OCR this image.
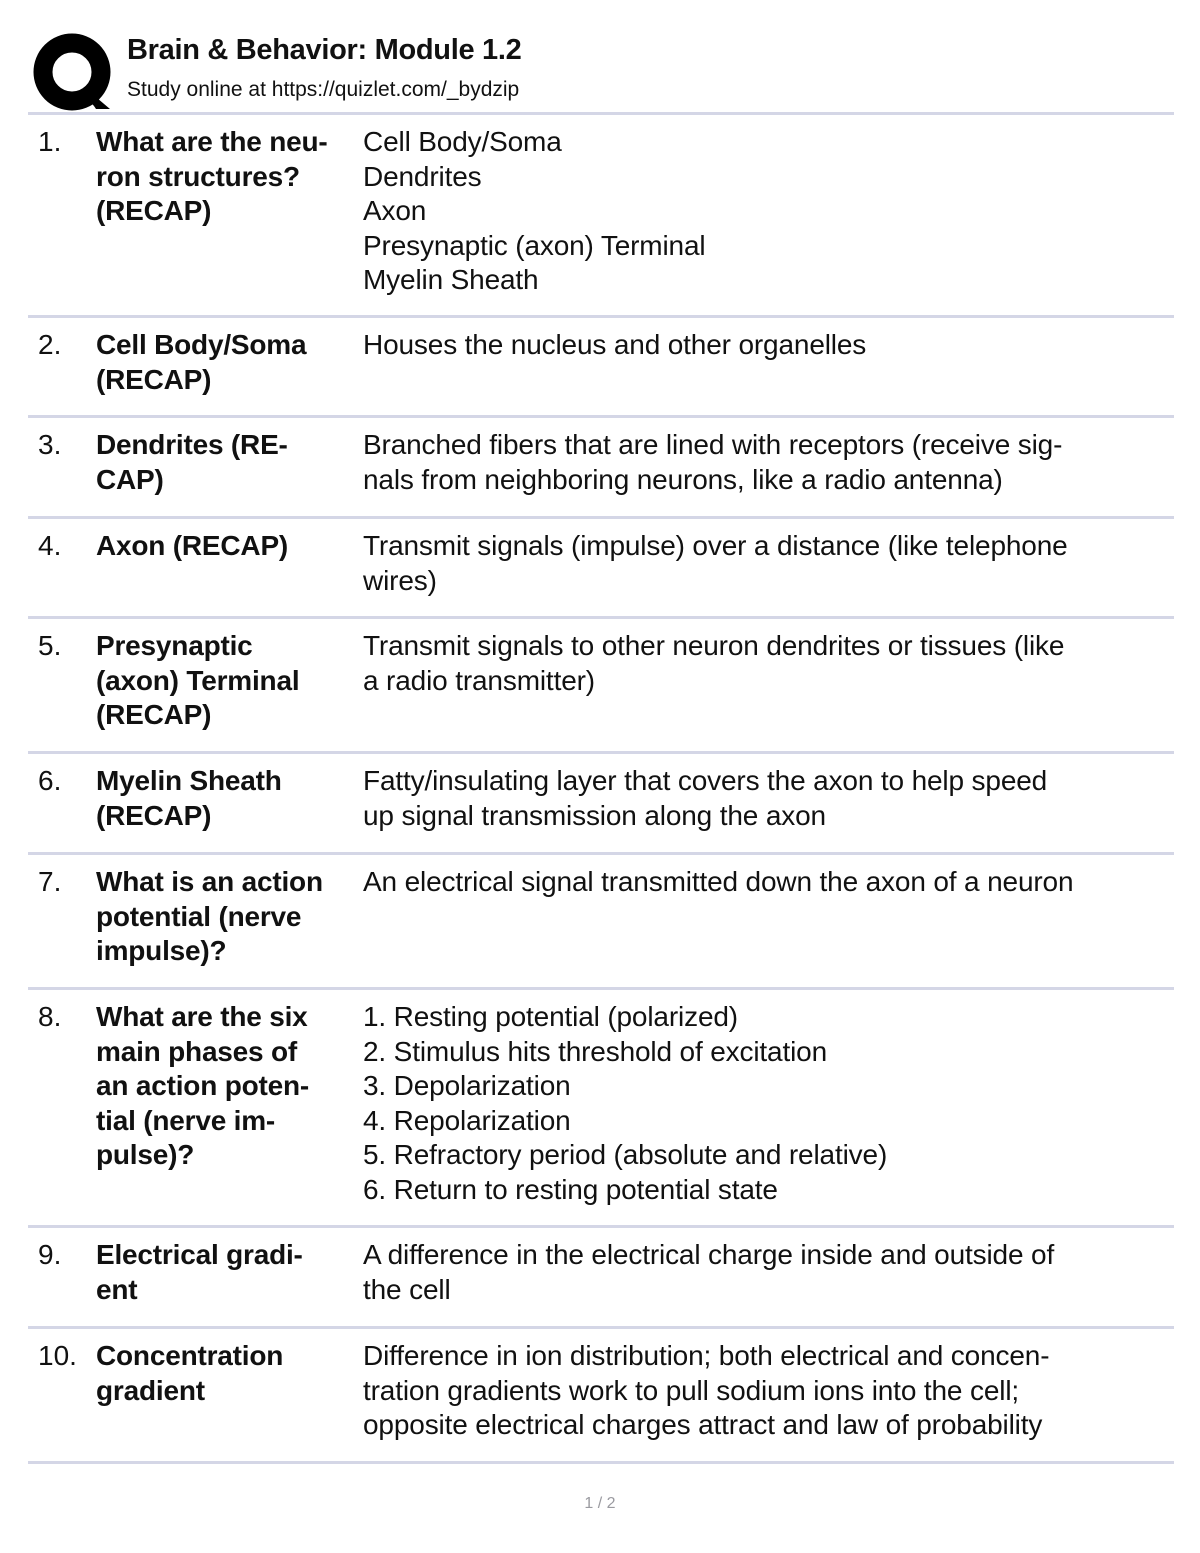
Brain & Behavior: Module 1.2
Study online at https://quizlet.com/_bydzip
1. What are the neu-
ron structures?
(RECAP)
Cell Body/Soma
Dendrites
Axon
Presynaptic (axon) Terminal
Myelin Sheath
2. Cell Body/Soma
(RECAP)
Houses the nucleus and other organelles
3. Dendrites (RE-
CAP)
Branched fibers that are lined with receptors (receive sig-
nals from neighboring neurons, like a radio antenna)
4. Axon (RECAP)	Transmit signals (impulse) over a distance (like telephone
wires)
5. Presynaptic
(axon) Terminal
(RECAP)
Transmit signals to other neuron dendrites or tissues (like
a radio transmitter)
6. Myelin Sheath
(RECAP)
Fatty/insulating layer that covers the axon to help speed
up signal transmission along the axon
7. What is an action
potential (nerve
impulse)?
An electrical signal transmitted down the axon of a neuron
8. What are the six
main phases of
an action poten-
tial (nerve im-
pulse)?
1. Resting potential (polarized)
2. Stimulus hits threshold of excitation
3. Depolarization
4. Repolarization
5. Refractory period (absolute and relative)
6. Return to resting potential state
9. Electrical gradi-
ent
A difference in the electrical charge inside and outside of
the cell
10. Concentration
gradient
Difference in ion distribution; both electrical and concen-
tration gradients work to pull sodium ions into the cell;
opposite electrical charges attract and law of probability
1 / 2
